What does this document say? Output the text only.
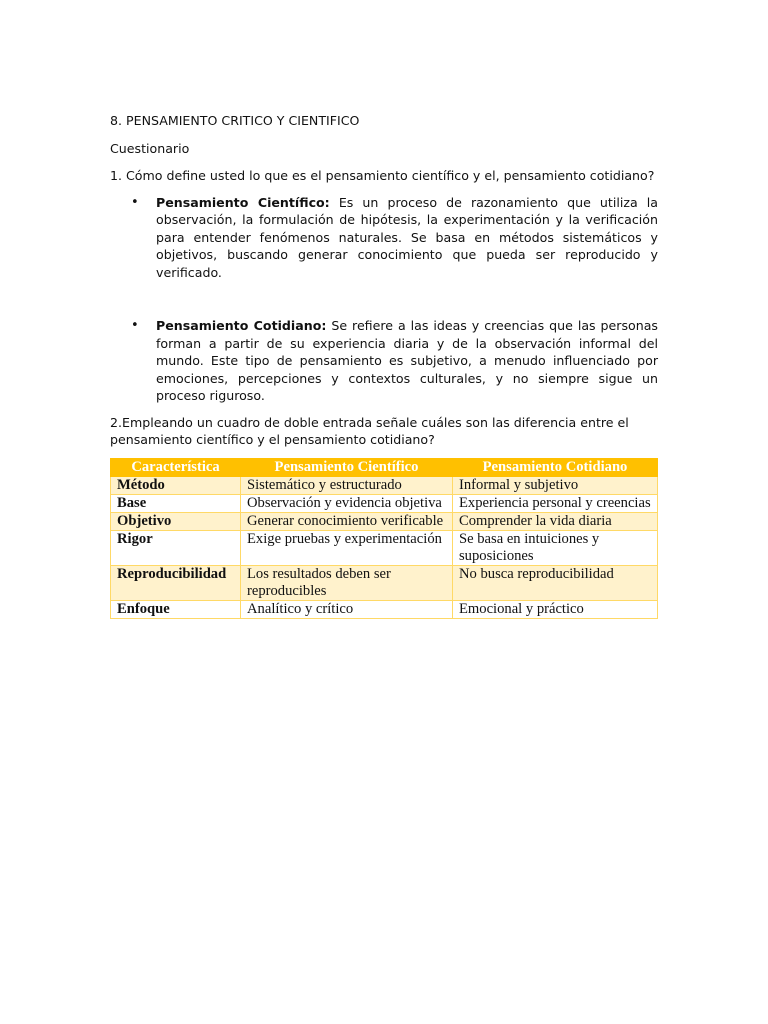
8. PENSAMIENTO CRITICO Y CIENTIFICO

Cuestionario

1. Cómo define usted lo que es el pensamiento científico y el, pensamiento cotidiano?

• Pensamiento Científico: Es un proceso de razonamiento que utiliza la observación, la formulación de hipótesis, la experimentación y la verificación para entender fenómenos naturales. Se basa en métodos sistemáticos y objetivos, buscando generar conocimiento que pueda ser reproducido y verificado.
• Pensamiento Cotidiano: Se refiere a las ideas y creencias que las personas forman a partir de su experiencia diaria y de la observación informal del mundo. Este tipo de pensamiento es subjetivo, a menudo influenciado por emociones, percepciones y contextos culturales, y no siempre sigue un proceso riguroso.

2.Empleando un cuadro de doble entrada señale cuáles son las diferencia entre el pensamiento científico y el pensamiento cotidiano?

Característica	Pensamiento Científico	Pensamiento Cotidiano
Método	Sistemático y estructurado	Informal y subjetivo
Base	Observación y evidencia objetiva	Experiencia personal y creencias
Objetivo	Generar conocimiento verificable	Comprender la vida diaria
Rigor	Exige pruebas y experimentación	Se basa en intuiciones y suposiciones
Reproducibilidad	Los resultados deben ser reproducibles	No busca reproducibilidad
Enfoque	Analítico y crítico	Emocional y práctico
